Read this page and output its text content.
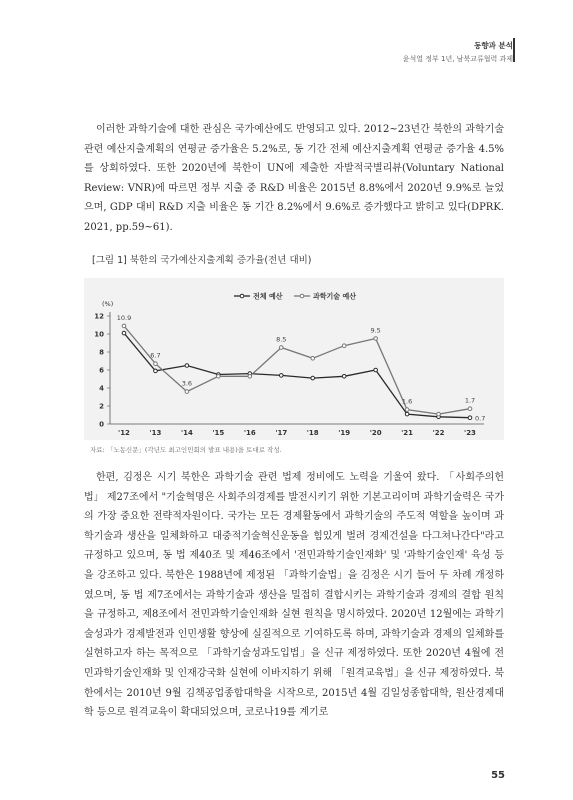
동향과 분석
윤석열 정부 1년, 남북교류협력 과제

이러한 과학기술에 대한 관심은 국가예산에도 반영되고 있다. 2012~23년간 북한의 과학기술 관련 예산지출계획의 연평균 증가율은 5.2%로, 동 기간 전체 예산지출계획 연평균 증가율 4.5%를 상회하였다. 또한 2020년에 북한이 UN에 제출한 자발적국별리뷰(Voluntary National Review: VNR)에 따르면 정부 지출 중 R&D 비율은 2015년 8.8%에서 2020년 9.9%로 늘었으며, GDP 대비 R&D 지출 비율은 동 기간 8.2%에서 9.6%로 증가했다고 밝히고 있다(DPRK. 2021, pp.59~61).

[그림 1] 북한의 국가예산지출계획 증가율(전년 대비)
(%)
0
2
4
6
8
10
12
'12	'13	'14	'15	'16	'17	'18	'19	'20	'21	'22	'23
0.7
10.9
6.7
3.6
8.5
9.5
1.6	1.7
전체 예산	과학기술 예산
자료: 「노동신문」(각년도 최고인민회의 발표 내용)을 토대로 작성.

한편, 김정은 시기 북한은 과학기술 관련 법제 정비에도 노력을 기울여 왔다. 「사회주의헌법」 제27조에서 "기술혁명은 사회주의경제를 발전시키기 위한 기본고리이며 과학기술력은 국가의 가장 중요한 전략적자원이다. 국가는 모든 경제활동에서 과학기술의 주도적 역할을 높이며 과학기술과 생산을 일체화하고 대중적기술혁신운동을 힘있게 벌려 경제건설을 다그쳐나간다"라고 규정하고 있으며, 동 법 제40조 및 제46조에서 '전민과학기술인재화' 및 '과학기술인재' 육성 등을 강조하고 있다. 북한은 1988년에 제정된 「과학기술법」을 김정은 시기 들어 두 차례 개정하였으며, 동 법 제7조에서는 과학기술과 생산을 밀접히 결합시키는 과학기술과 경제의 결합 원칙을 규정하고, 제8조에서 전민과학기술인재화 실현 원칙을 명시하였다. 2020년 12월에는 과학기술성과가 경제발전과 인민생활 향상에 실질적으로 기여하도록 하며, 과학기술과 경제의 일체화를 실현하고자 하는 목적으로 「과학기술성과도입법」을 신규 제정하였다. 또한 2020년 4월에 전민과학기술인재화 및 인재강국화 실현에 이바지하기 위해 「원격교육법」을 신규 제정하였다. 북한에서는 2010년 9월 김책공업종합대학을 시작으로, 2015년 4월 김일성종합대학, 원산경제대학 등으로 원격교육이 확대되었으며, 코로나19를 계기로

55
